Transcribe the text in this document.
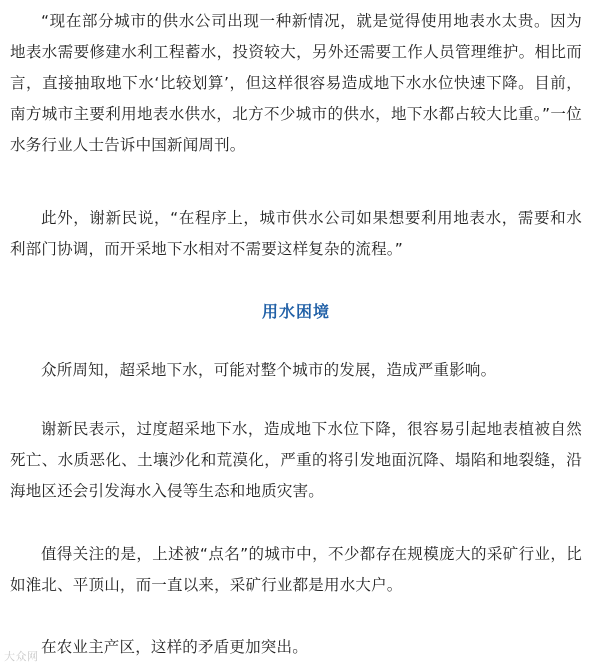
“现在部分城市的供水公司出现一种新情况，就是觉得使用地表水太贵。因为地表水需要修建水利工程蓄水，投资较大，另外还需要工作人员管理维护。相比而言，直接抽取地下水‘比较划算’，但这样很容易造成地下水水位快速下降。目前，南方城市主要利用地表水供水，北方不少城市的供水，地下水都占较大比重。”一位水务行业人士告诉中国新闻周刊。

此外，谢新民说，“在程序上，城市供水公司如果想要利用地表水，需要和水利部门协调，而开采地下水相对不需要这样复杂的流程。”

用水困境

众所周知，超采地下水，可能对整个城市的发展，造成严重影响。

谢新民表示，过度超采地下水，造成地下水位下降，很容易引起地表植被自然死亡、水质恶化、土壤沙化和荒漠化，严重的将引发地面沉降、塌陷和地裂缝，沿海地区还会引发海水入侵等生态和地质灾害。

值得关注的是，上述被“点名”的城市中，不少都存在规模庞大的采矿行业，比如淮北、平顶山，而一直以来，采矿行业都是用水大户。

在农业主产区，这样的矛盾更加突出。

大众网
